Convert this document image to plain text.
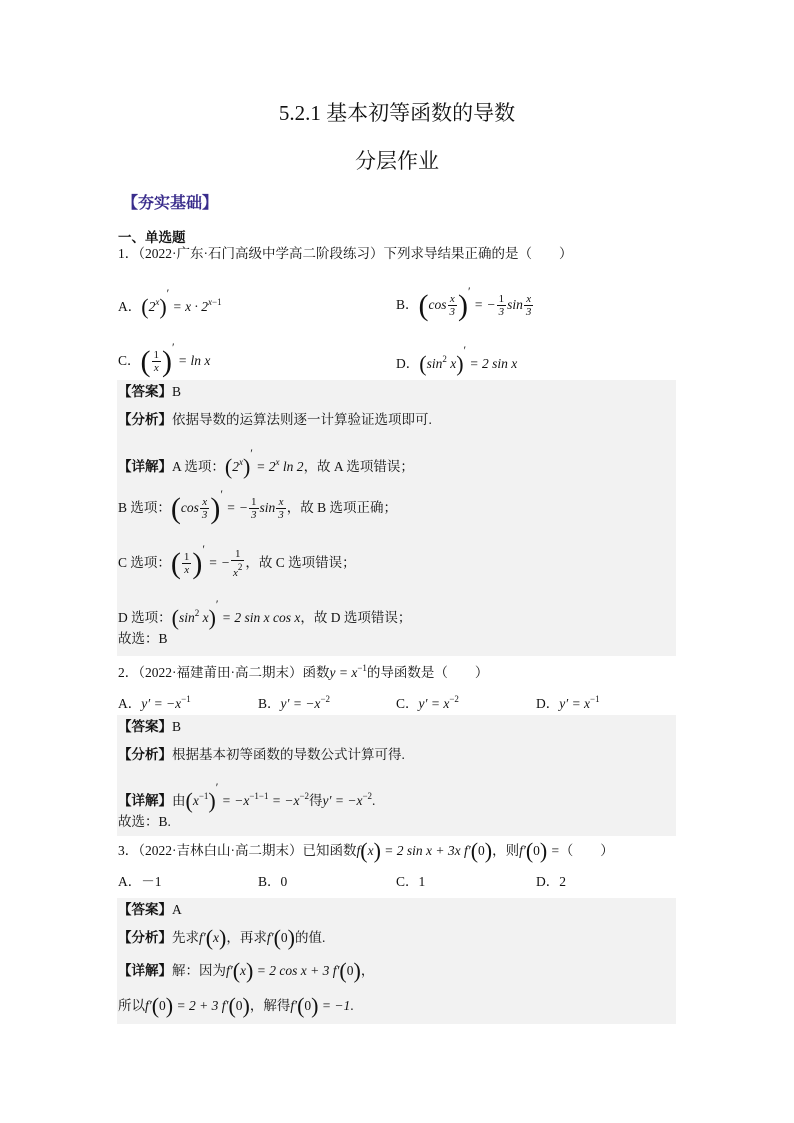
5.2.1 基本初等函数的导数
分层作业
【夯实基础】
一、单选题
1．（2022·广东·石门高级中学高二阶段练习）下列求导结果正确的是（　　）
A．$(2^x)' = x \cdot 2^{x-1}$	B．($\cos \frac{x}{3}$ )′ = − $\frac{1}{3}$ $\sin \frac{x}{3}$
C．( $\frac{1}{x}$ )′ = ln x	D．($\sin^2$ x)′ = 2 sin x
【答案】B
【分析】依据导数的运算法则逐一计算验证选项即可.
【详解】A 选项：$(2^x)' = 2^x$ ln 2，故 A 选项错误；
B 选项：($\cos \frac{x}{3}$ )′ = − $\frac{1}{3}$ $\sin \frac{x}{3}$ ，故 B 选项正确；
C 选项：( $\frac{1}{x}$ )′ = − $\frac{1}{x^2}$ ，故 C 选项错误；
D 选项：($\sin^2$ x)′ = 2 sin x cos x，故 D 选项错误；
故选：B
2．（2022·福建莆田·高二期末）函数$y = x^{-1}$的导函数是（　　）
A．$y' = -x^{-1}$	B．$y' = -x^{-2}$	C．$y' = x^{-2}$	D．$y' = x^{-1}$
【答案】B
【分析】根据基本初等函数的导数公式计算可得.
【详解】由$(x^{-1})' = -x^{-1-1} = -x^{-2}$得$y' = -x^{-2}$.
故选：B.
3．（2022·吉林白山·高二期末）已知函数f(x) = 2 sin x + 3x f′(0)，则f′(0) =（　　）
A．－1	B．0	C．1	D．2
【答案】A
【分析】先求f′(x)，再求f′(0)的值.
【详解】解：因为f′(x) = 2 cos x + 3 f′(0)，
所以f′(0) = 2 + 3 f′(0)，解得f′(0) = −1.
